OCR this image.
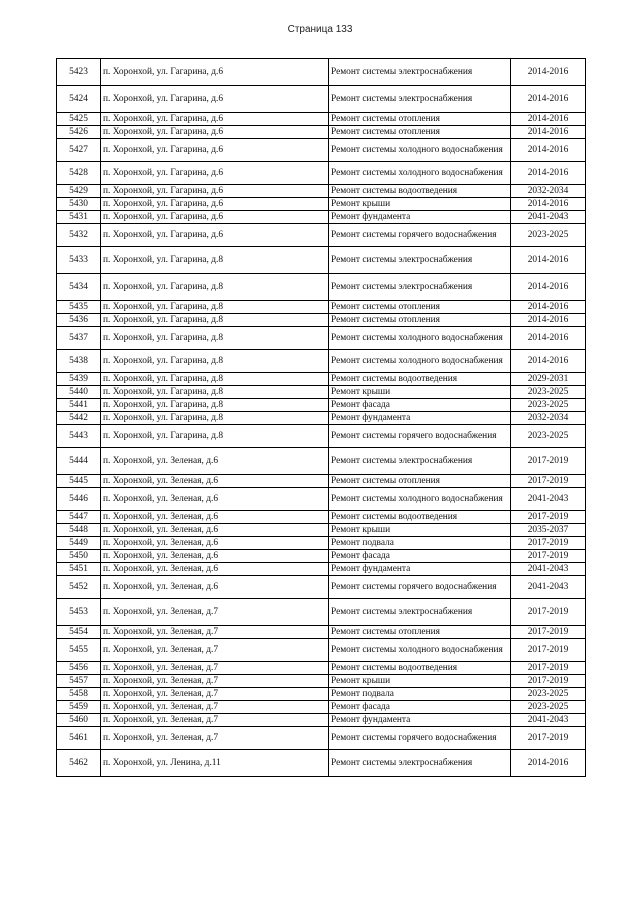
Страница 133
5423	п. Хоронхой, ул. Гагарина, д.6	Ремонт системы электроснабжения	2014-2016
5424	п. Хоронхой, ул. Гагарина, д.6	Ремонт системы электроснабжения	2014-2016
5425	п. Хоронхой, ул. Гагарина, д.6	Ремонт системы отопления	2014-2016
5426	п. Хоронхой, ул. Гагарина, д.6	Ремонт системы отопления	2014-2016
5427	п. Хоронхой, ул. Гагарина, д.6	Ремонт системы холодного водоснабжения	2014-2016
5428	п. Хоронхой, ул. Гагарина, д.6	Ремонт системы холодного водоснабжения	2014-2016
5429	п. Хоронхой, ул. Гагарина, д.6	Ремонт системы водоотведения	2032-2034
5430	п. Хоронхой, ул. Гагарина, д.6	Ремонт крыши	2014-2016
5431	п. Хоронхой, ул. Гагарина, д.6	Ремонт фундамента	2041-2043
5432	п. Хоронхой, ул. Гагарина, д.6	Ремонт системы горячего водоснабжения	2023-2025
5433	п. Хоронхой, ул. Гагарина, д.8	Ремонт системы электроснабжения	2014-2016
5434	п. Хоронхой, ул. Гагарина, д.8	Ремонт системы электроснабжения	2014-2016
5435	п. Хоронхой, ул. Гагарина, д.8	Ремонт системы отопления	2014-2016
5436	п. Хоронхой, ул. Гагарина, д.8	Ремонт системы отопления	2014-2016
5437	п. Хоронхой, ул. Гагарина, д.8	Ремонт системы холодного водоснабжения	2014-2016
5438	п. Хоронхой, ул. Гагарина, д.8	Ремонт системы холодного водоснабжения	2014-2016
5439	п. Хоронхой, ул. Гагарина, д.8	Ремонт системы водоотведения	2029-2031
5440	п. Хоронхой, ул. Гагарина, д.8	Ремонт крыши	2023-2025
5441	п. Хоронхой, ул. Гагарина, д.8	Ремонт фасада	2023-2025
5442	п. Хоронхой, ул. Гагарина, д.8	Ремонт фундамента	2032-2034
5443	п. Хоронхой, ул. Гагарина, д.8	Ремонт системы горячего водоснабжения	2023-2025
5444	п. Хоронхой, ул. Зеленая, д.6	Ремонт системы электроснабжения	2017-2019
5445	п. Хоронхой, ул. Зеленая, д.6	Ремонт системы отопления	2017-2019
5446	п. Хоронхой, ул. Зеленая, д.6	Ремонт системы холодного водоснабжения	2041-2043
5447	п. Хоронхой, ул. Зеленая, д.6	Ремонт системы водоотведения	2017-2019
5448	п. Хоронхой, ул. Зеленая, д.6	Ремонт крыши	2035-2037
5449	п. Хоронхой, ул. Зеленая, д.6	Ремонт подвала	2017-2019
5450	п. Хоронхой, ул. Зеленая, д.6	Ремонт фасада	2017-2019
5451	п. Хоронхой, ул. Зеленая, д.6	Ремонт фундамента	2041-2043
5452	п. Хоронхой, ул. Зеленая, д.6	Ремонт системы горячего водоснабжения	2041-2043
5453	п. Хоронхой, ул. Зеленая, д.7	Ремонт системы электроснабжения	2017-2019
5454	п. Хоронхой, ул. Зеленая, д.7	Ремонт системы отопления	2017-2019
5455	п. Хоронхой, ул. Зеленая, д.7	Ремонт системы холодного водоснабжения	2017-2019
5456	п. Хоронхой, ул. Зеленая, д.7	Ремонт системы водоотведения	2017-2019
5457	п. Хоронхой, ул. Зеленая, д.7	Ремонт крыши	2017-2019
5458	п. Хоронхой, ул. Зеленая, д.7	Ремонт подвала	2023-2025
5459	п. Хоронхой, ул. Зеленая, д.7	Ремонт фасада	2023-2025
5460	п. Хоронхой, ул. Зеленая, д.7	Ремонт фундамента	2041-2043
5461	п. Хоронхой, ул. Зеленая, д.7	Ремонт системы горячего водоснабжения	2017-2019
5462	п. Хоронхой, ул. Ленина, д.11	Ремонт системы электроснабжения	2014-2016
